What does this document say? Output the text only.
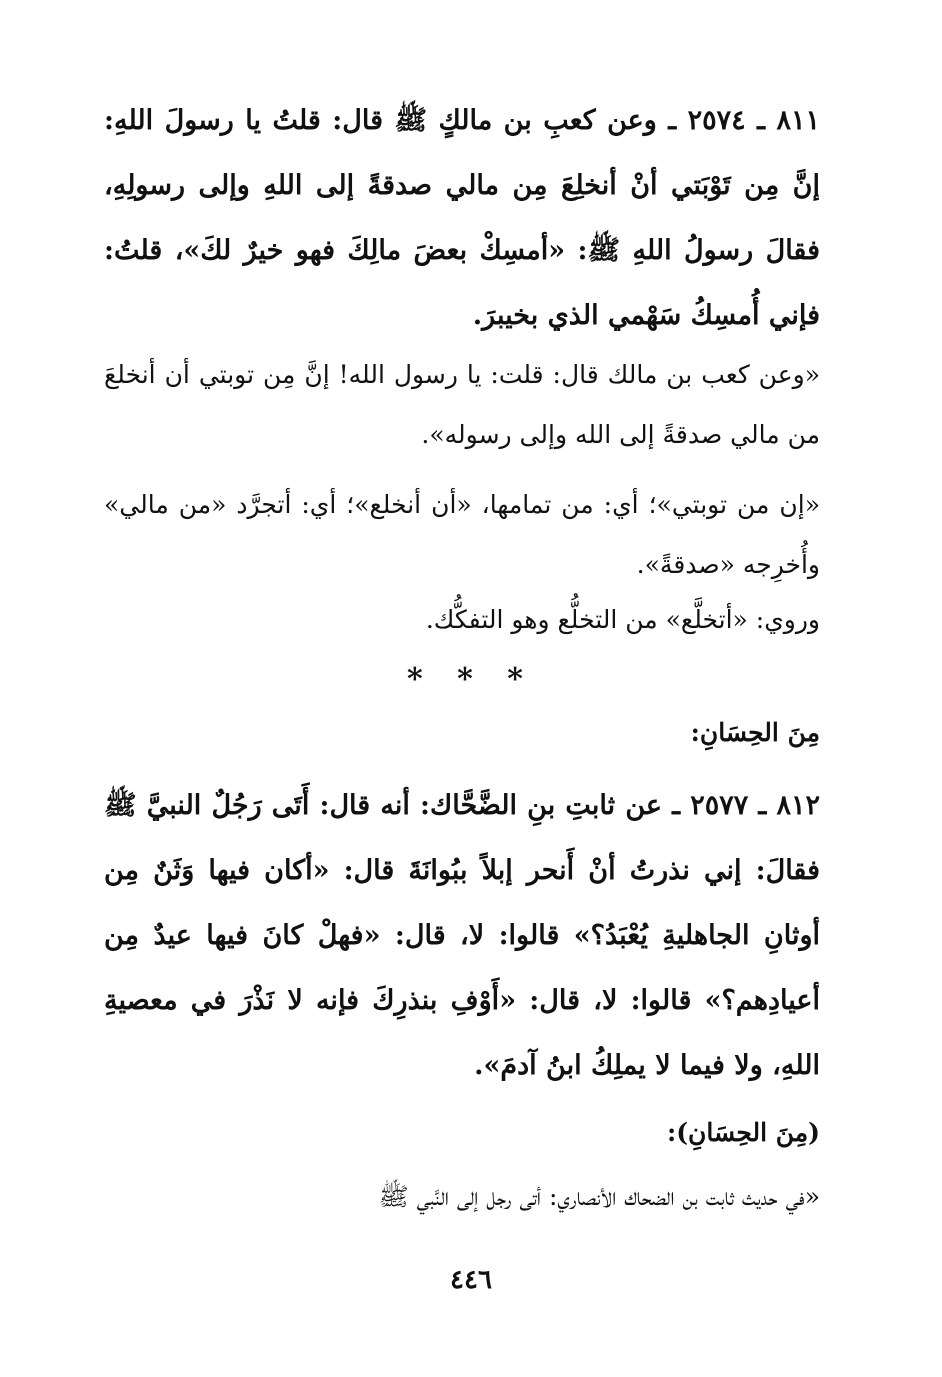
٨١١ ـ ٢٥٧٤ ـ وعن كعبِ بن مالكٍ ﷺ قال: قلتُ يا رسولَ اللهِ: إنَّ مِن تَوْبَتي أنْ أنخلِعَ مِن مالي صدقةً إلى اللهِ وإلى رسولِهِ، فقالَ رسولُ اللهِ ﷺ: «أمسِكْ بعضَ مالِكَ فهو خيرٌ لكَ»، قلتُ: فإني أُمسِكُ سَهْمي الذي بخيبرَ.
«وعن كعب بن مالك قال: قلت: يا رسول الله! إنَّ مِن توبتي أن أنخلعَ من مالي صدقةً إلى الله وإلى رسوله».
«إن من توبتي»؛ أي: من تمامها، «أن أنخلع»؛ أي: أتجرَّد «من مالي» وأُخرِجه «صدقةً».
وروي: «أتخلَّع» من التخلُّع وهو التفكُّك.
* * *
مِنَ الحِسَانِ:
٨١٢ ـ ٢٥٧٧ ـ عن ثابتِ بنِ الضَّحَّاك: أنه قال: أَتَى رَجُلٌ النبيَّ ﷺ فقالَ: إني نذرتُ أنْ أَنحر إبلاً ببُوانَةَ قال: «أكان فيها وَثَنٌ مِن أوثانِ الجاهليةِ يُعْبَدُ؟» قالوا: لا، قال: «فهلْ كانَ فيها عيدٌ مِن أعيادِهم؟» قالوا: لا، قال: «أَوْفِ بنذرِكَ فإنه لا نَذْرَ في معصيةِ اللهِ، ولا فيما لا يملِكُ ابنُ آدمَ».
(مِنَ الحِسَانِ):
«في حديث ثابت بن الضحاك الأنصاري: أتى رجل إلى النَّبي ﷺ
٤٤٦
